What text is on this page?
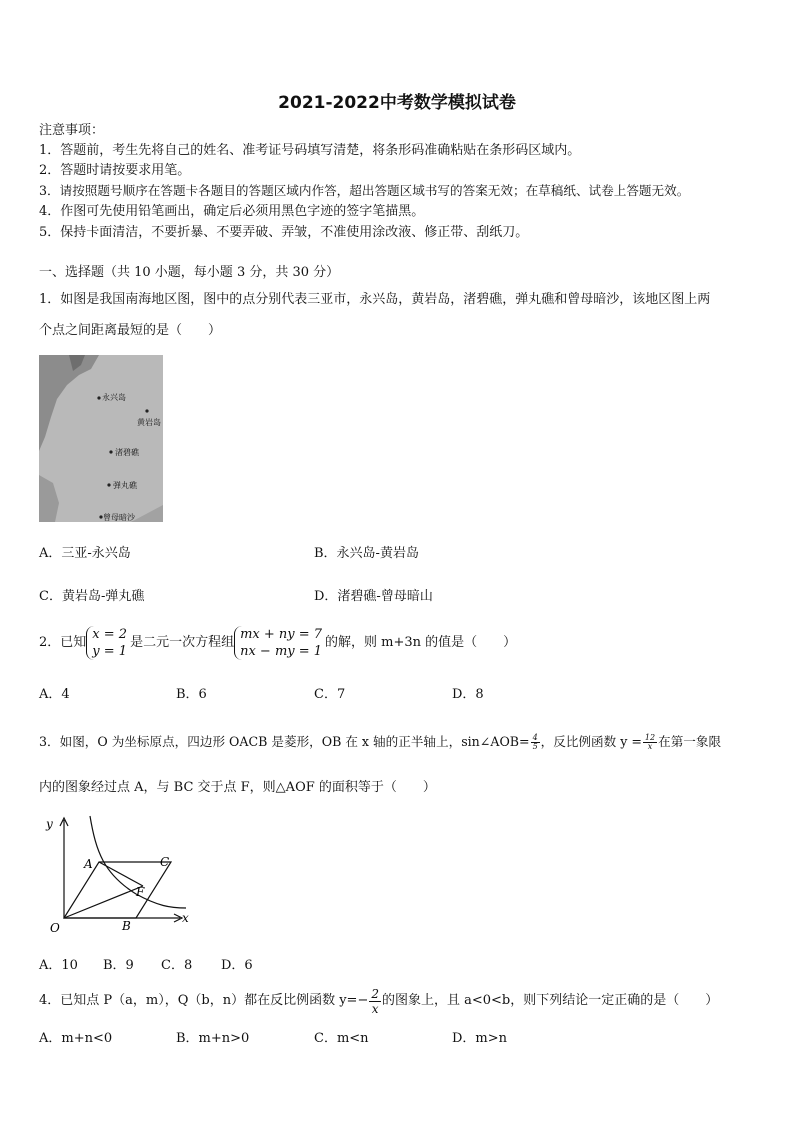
2021-2022中考数学模拟试卷
注意事项：
1．答题前，考生先将自己的姓名、准考证号码填写清楚，将条形码准确粘贴在条形码区域内。
2．答题时请按要求用笔。
3．请按照题号顺序在答题卡各题目的答题区域内作答，超出答题区域书写的答案无效；在草稿纸、试卷上答题无效。
4．作图可先使用铅笔画出，确定后必须用黑色字迹的签字笔描黑。
5．保持卡面清洁，不要折暴、不要弄破、弄皱，不准使用涂改液、修正带、刮纸刀。
一、选择题（共 10 小题，每小题 3 分，共 30 分）
1．如图是我国南海地区图，图中的点分别代表三亚市，永兴岛，黄岩岛，渚碧礁，弹丸礁和曾母暗沙，该地区图上两
个点之间距离最短的是（　　）
永兴岛
黄岩岛
渚碧礁
弹丸礁
曾母暗沙
A．三亚-永兴岛	B．永兴岛-黄岩岛
C．黄岩岛-弹丸礁	D．渚碧礁-曾母暗山
2．已知
x = 2
y = 1
是二元一次方程组
mx + ny = 7
nx − my = 1
的解，则 m+3n 的值是（　　）
A．4	B．6	C．7	D．8
3．如图，O 为坐标原点，四边形 OACB 是菱形，OB 在 x 轴的正半轴上，sin∠AOB= $\frac{4}{5}$ ，反比例函数 $y = \frac{12}{x}$ 在第一象限
内的图象经过点 A，与 BC 交于点 F，则△AOF 的面积等于（　　）
y
x
O
A	C
F
B
A．10 B．9 C．8 D．6
4．已知点 P（a，m），Q（b，n）都在反比例函数 $y=- \frac{2}{x}$ 的图象上，且 a<0<b，则下列结论一定正确的是（　　）
A．m+n<0	B．m+n>0	C．m<n	D．m>n
